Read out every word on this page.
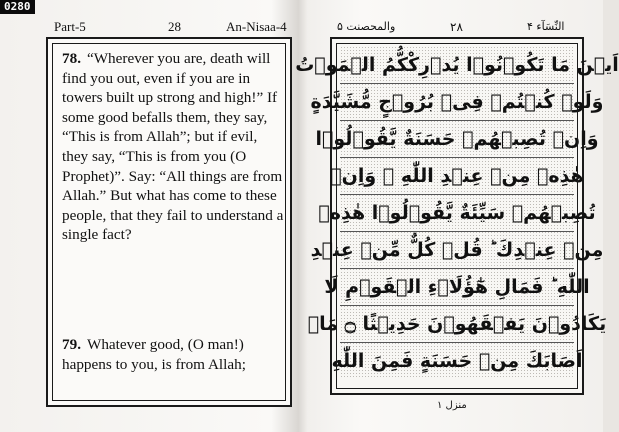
0280
Part-5	28	An-Nisaa-4

78. “Wherever you are, death will find you out, even if you are in towers built up strong and high!” If some good befalls them, they say, “This is from Allah”; but if evil, they say, “This is from you (O Prophet)”. Say: “All things are from Allah.” But what has come to these people, that they fail to understand a single fact?

79. Whatever good, (O man!) happens to you, is from Allah;

والمحصنت ۵	۲۸	النِّسَآء ۴
اَيۡنَ مَا تَكُوۡنُوۡا يُدۡرِكْكُّمُ الۡمَوۡتُ
وَلَوۡ كُنۡتُمۡ فِىۡ بُرُوۡجٍ مُّشَيَّدَةٍ
وَاِنۡ تُصِبۡهُمۡ حَسَنَةٌ يَّقُوۡلُوۡا
هٰذِهٖ مِنۡ عِنۡدِ اللّٰهِ ۚ وَاِنۡ
تُصِبۡهُمۡ سَيِّئَةٌ يَّقُوۡلُوۡا هٰذِهٖ
مِنۡ عِنۡدِكَ ؕ قُلۡ كُلٌّ مِّنۡ عِنۡدِ
اللّٰهِ ؕ فَمَالِ هٰٓؤُلَاۤءِ الۡقَوۡمِ لَا
يَكَادُوۡنَ يَفۡقَهُوۡنَ حَدِيۡثًا ۝ مَاۤ
اَصَابَكَ مِنۡ حَسَنَةٍ فَمِنَ اللّٰهِ
منزل ۱
